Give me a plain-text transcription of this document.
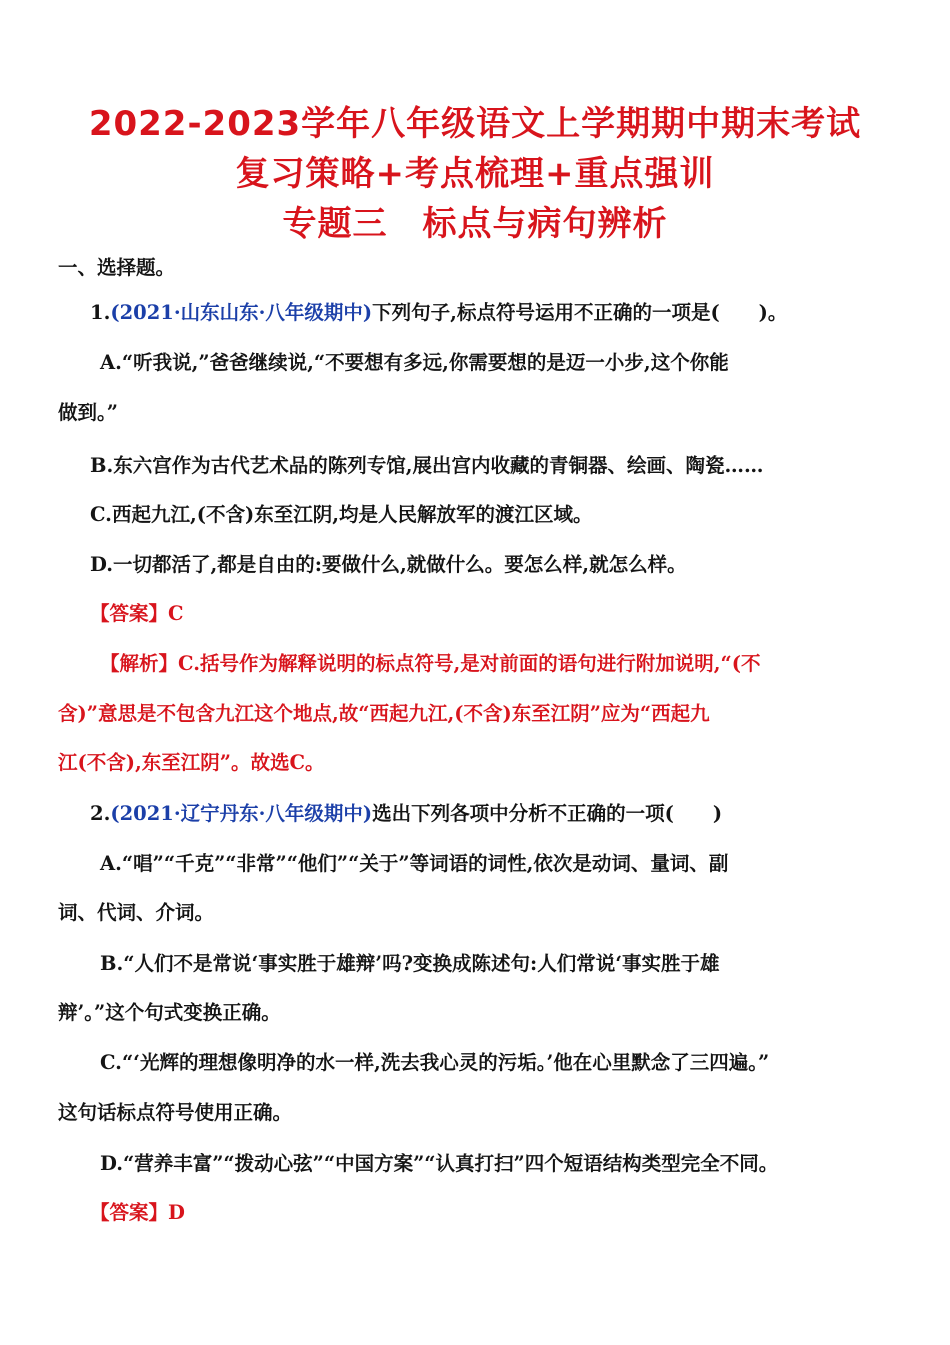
2022-2023学年八年级语文上学期期中期末考试
复习策略+考点梳理+重点强训
专题三　标点与病句辨析
一、选择题。
1.(2021·山东山东·八年级期中)下列句子,标点符号运用不正确的一项是(　　)。
A.“听我说,”爸爸继续说,“不要想有多远,你需要想的是迈一小步,这个你能
做到。”
B.东六宫作为古代艺术品的陈列专馆,展出宫内收藏的青铜器、绘画、陶瓷……
C.西起九江,(不含)东至江阴,均是人民解放军的渡江区域。
D.一切都活了,都是自由的:要做什么,就做什么。要怎么样,就怎么样。
【答案】C
【解析】C.括号作为解释说明的标点符号,是对前面的语句进行附加说明,“(不
含)”意思是不包含九江这个地点,故“西起九江,(不含)东至江阴”应为“西起九
江(不含),东至江阴”。故选C。
2.(2021·辽宁丹东·八年级期中)选出下列各项中分析不正确的一项(　　)
A.“唱”“千克”“非常”“他们”“关于”等词语的词性,依次是动词、量词、副
词、代词、介词。
B.“人们不是常说‘事实胜于雄辩’吗?变换成陈述句:人们常说‘事实胜于雄
辩’。”这个句式变换正确。
C.“‘光辉的理想像明净的水一样,洗去我心灵的污垢。’他在心里默念了三四遍。”
这句话标点符号使用正确。
D.“营养丰富”“拨动心弦”“中国方案”“认真打扫”四个短语结构类型完全不同。
【答案】D
